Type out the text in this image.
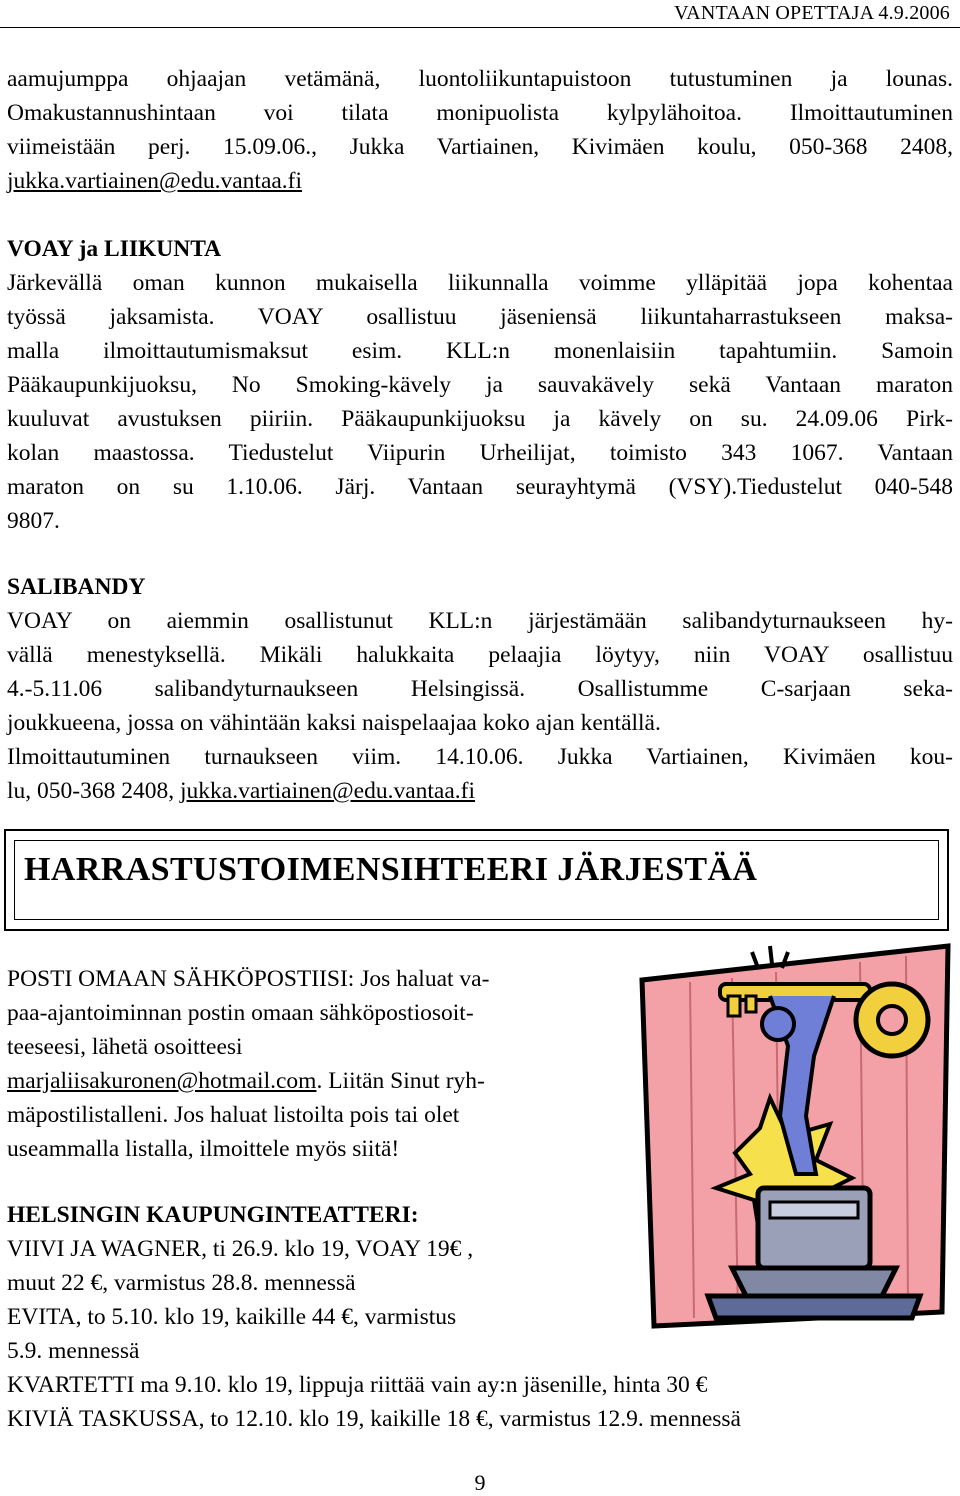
VANTAAN OPETTAJA 4.9.2006
aamujumppa ohjaajan vetämänä, luontoliikuntapuistoon tutustuminen ja lounas.
Omakustannushintaan voi tilata monipuolista kylpylähoitoa. Ilmoittautuminen
viimeistään perj. 15.09.06., Jukka Vartiainen, Kivimäen koulu, 050-368 2408,
jukka.vartiainen@edu.vantaa.fi
VOAY ja LIIKUNTA
Järkevällä oman kunnon mukaisella liikunnalla voimme ylläpitää jopa kohentaa
työssä jaksamista. VOAY osallistuu jäseniensä liikuntaharrastukseen maksa-
malla ilmoittautumismaksut esim. KLL:n monenlaisiin tapahtumiin. Samoin
Pääkaupunkijuoksu, No Smoking-kävely ja sauvakävely sekä Vantaan maraton
kuuluvat avustuksen piiriin. Pääkaupunkijuoksu ja kävely on su. 24.09.06 Pirk-
kolan maastossa. Tiedustelut Viipurin Urheilijat, toimisto 343 1067. Vantaan
maraton on su 1.10.06. Järj. Vantaan seurayhtymä (VSY).Tiedustelut 040-548
9807.
SALIBANDY
VOAY on aiemmin osallistunut KLL:n järjestämään salibandyturnaukseen hy-
vällä menestyksellä. Mikäli halukkaita pelaajia löytyy, niin VOAY osallistuu
4.-5.11.06 salibandyturnaukseen Helsingissä. Osallistumme C-sarjaan seka-
joukkueena, jossa on vähintään kaksi naispelaajaa koko ajan kentällä.
Ilmoittautuminen turnaukseen viim. 14.10.06. Jukka Vartiainen, Kivimäen kou-
lu, 050-368 2408, jukka.vartiainen@edu.vantaa.fi
HARRASTUSTOIMENSIHTEERI JÄRJESTÄÄ
POSTI OMAAN SÄHKÖPOSTIISI: Jos haluat va-
paa-ajantoiminnan postin omaan sähköpostiosoit-
teeseesi, lähetä osoitteesi
marjaliisakuronen@hotmail.com. Liitän Sinut ryh-
mäpostilistalleni. Jos haluat listoilta pois tai olet
useammalla listalla, ilmoittele myös siitä!
HELSINGIN KAUPUNGINTEATTERI:
VIIVI JA WAGNER, ti 26.9. klo 19, VOAY 19€ ,
muut 22 €, varmistus 28.8. mennessä
EVITA, to 5.10. klo 19, kaikille 44 €, varmistus
5.9. mennessä
KVARTETTI ma 9.10. klo 19, lippuja riittää vain ay:n jäsenille, hinta 30 €
KIVIÄ TASKUSSA, to 12.10. klo 19, kaikille 18 €, varmistus 12.9. mennessä
9
